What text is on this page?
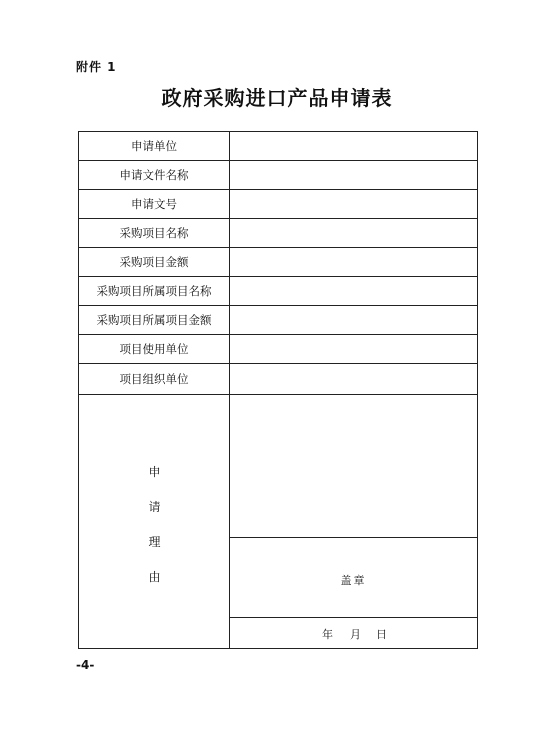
附件 1
政府采购进口产品申请表
申请单位
申请文件名称
申请文号
采购项目名称
采购项目金额
采购项目所属项目名称
采购项目所属项目金额
项目使用单位
项目组织单位
申
请
理
由	盖章
年 月 日
-4-
